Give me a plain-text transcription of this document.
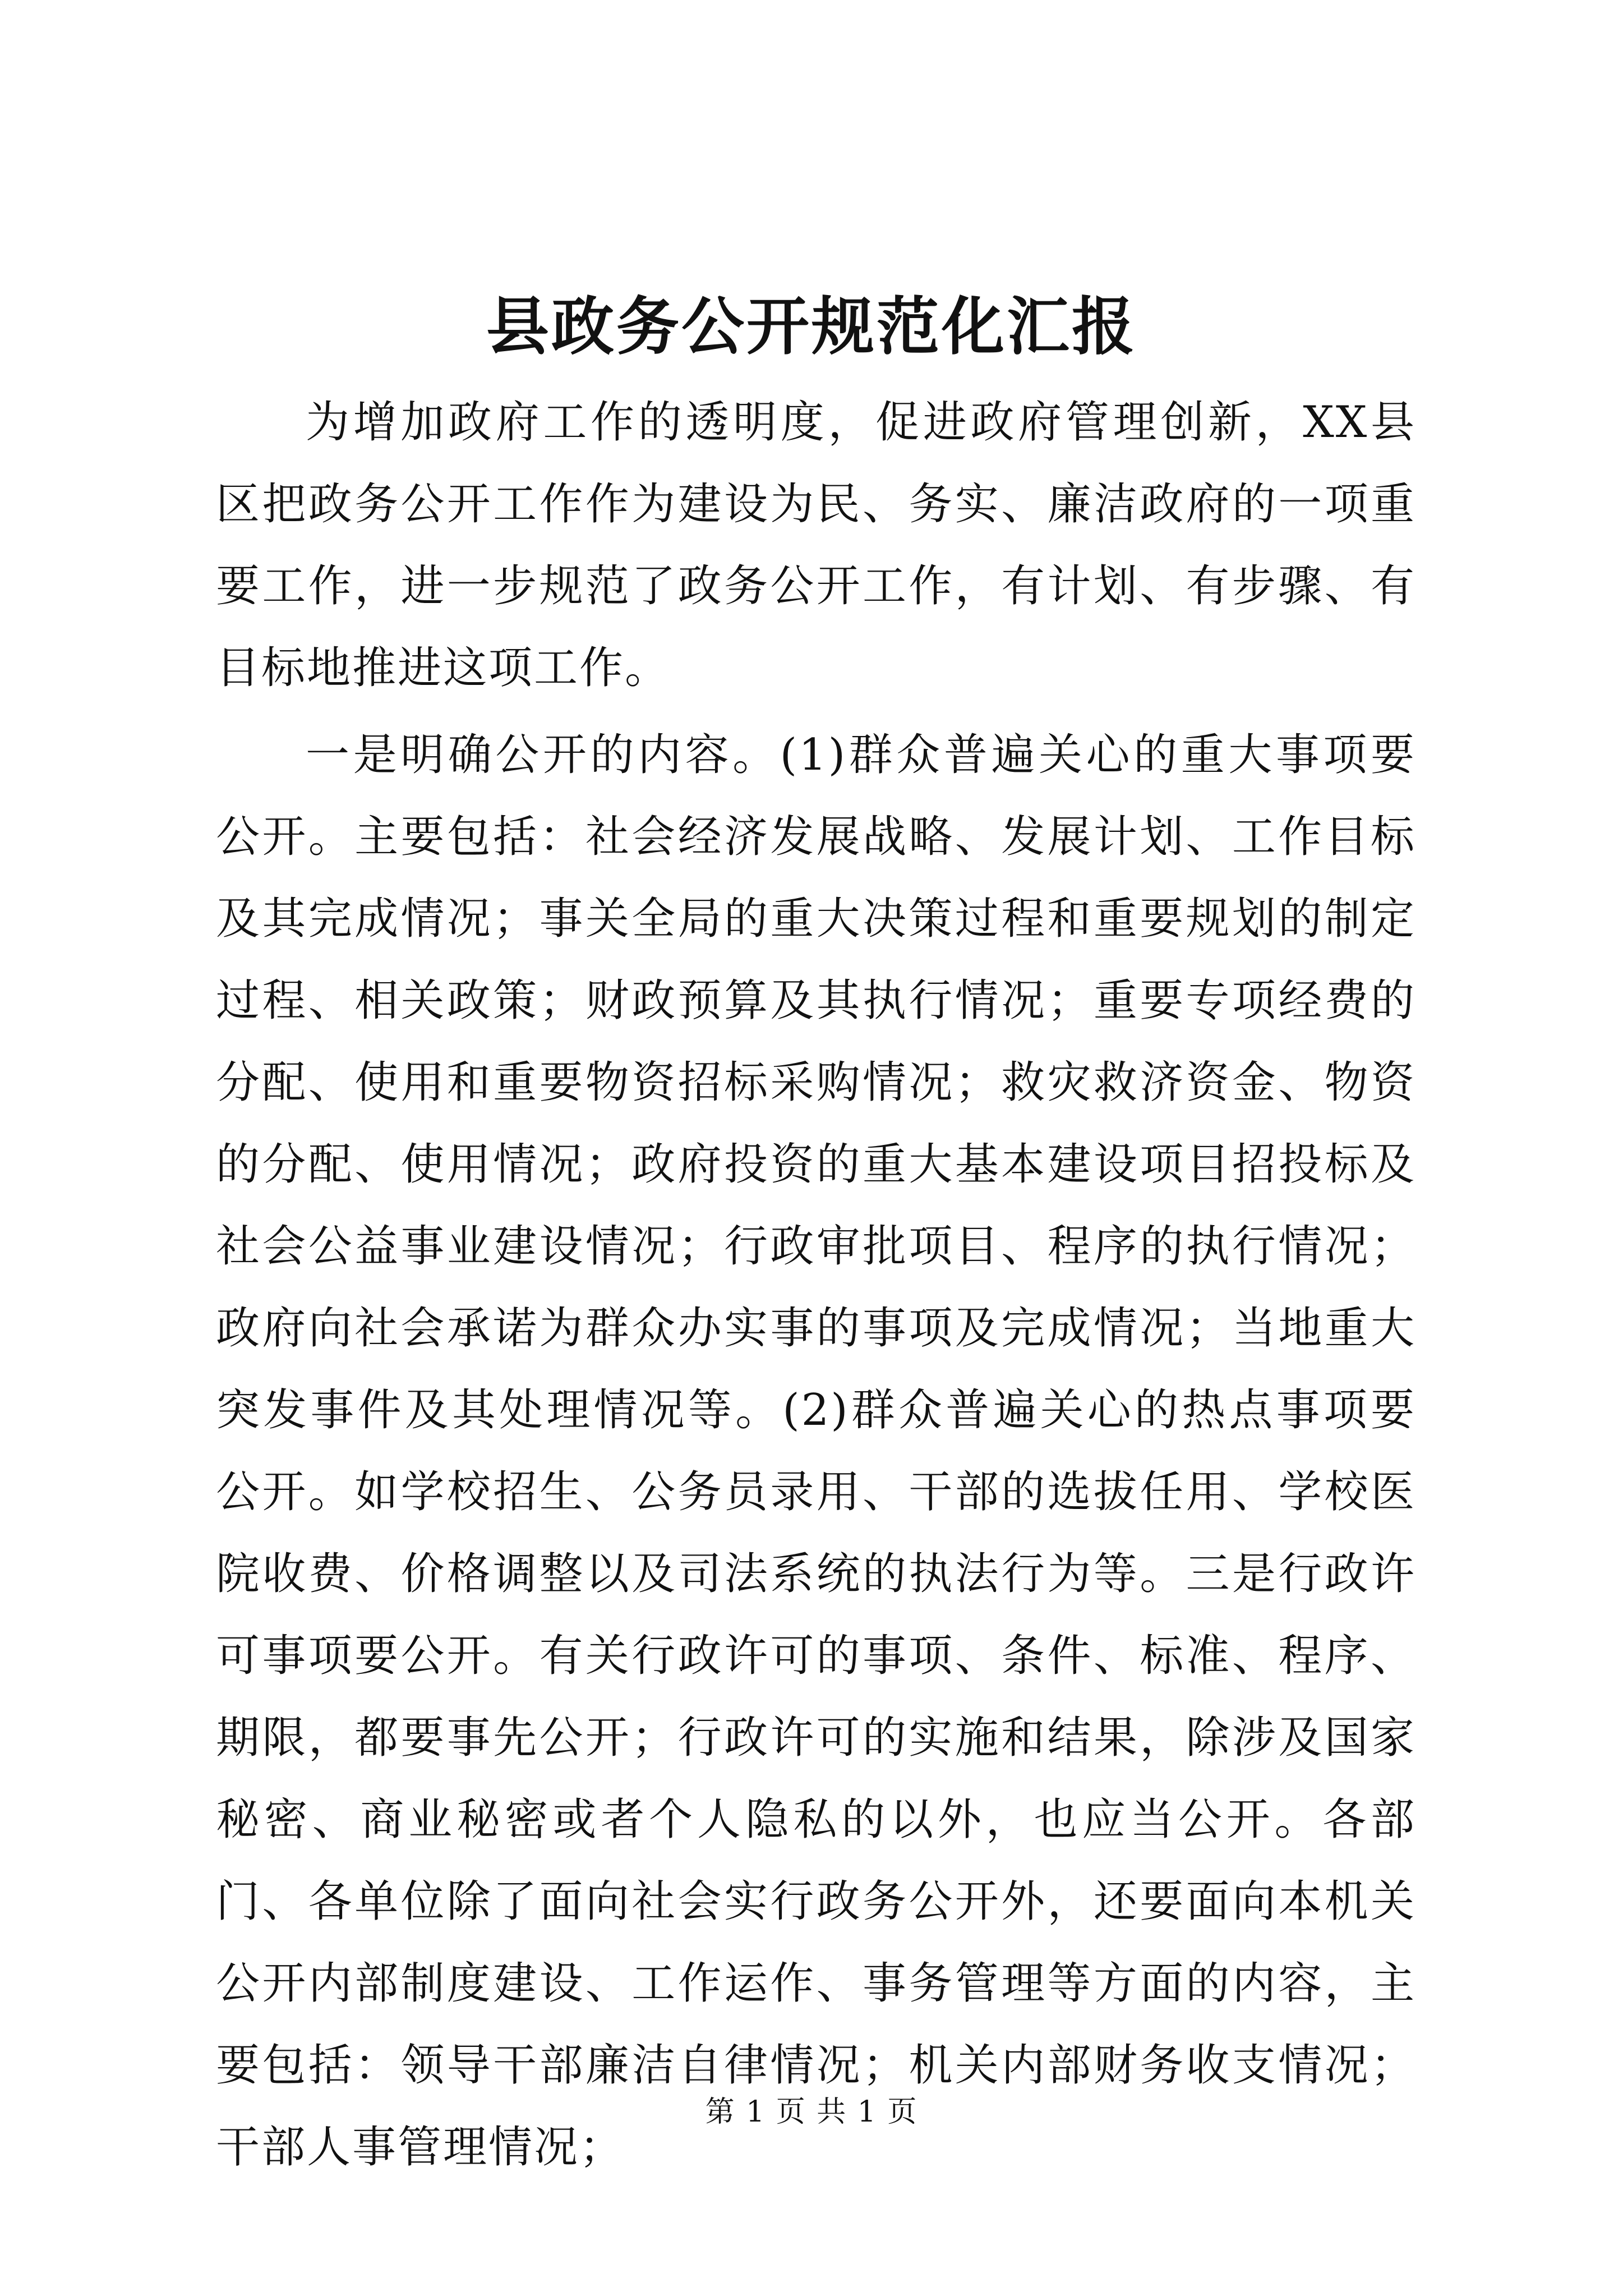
县政务公开规范化汇报

为增加政府工作的透明度，促进政府管理创新，XX县区把政务公开工作作为建设为民、务实、廉洁政府的一项重要工作，进一步规范了政务公开工作，有计划、有步骤、有目标地推进这项工作。

一是明确公开的内容。(1)群众普遍关心的重大事项要公开。主要包括：社会经济发展战略、发展计划、工作目标及其完成情况；事关全局的重大决策过程和重要规划的制定过程、相关政策；财政预算及其执行情况；重要专项经费的分配、使用和重要物资招标采购情况；救灾救济资金、物资的分配、使用情况；政府投资的重大基本建设项目招投标及社会公益事业建设情况；行政审批项目、程序的执行情况；政府向社会承诺为群众办实事的事项及完成情况；当地重大突发事件及其处理情况等。(2)群众普遍关心的热点事项要公开。如学校招生、公务员录用、干部的选拔任用、学校医院收费、价格调整以及司法系统的执法行为等。三是行政许可事项要公开。有关行政许可的事项、条件、标准、程序、期限，都要事先公开；行政许可的实施和结果，除涉及国家秘密、商业秘密或者个人隐私的以外，也应当公开。各部门、各单位除了面向社会实行政务公开外，还要面向本机关公开内部制度建设、工作运作、事务管理等方面的内容，主要包括：领导干部廉洁自律情况；机关内部财务收支情况；干部人事管理情况；

第 1 页 共 1 页
